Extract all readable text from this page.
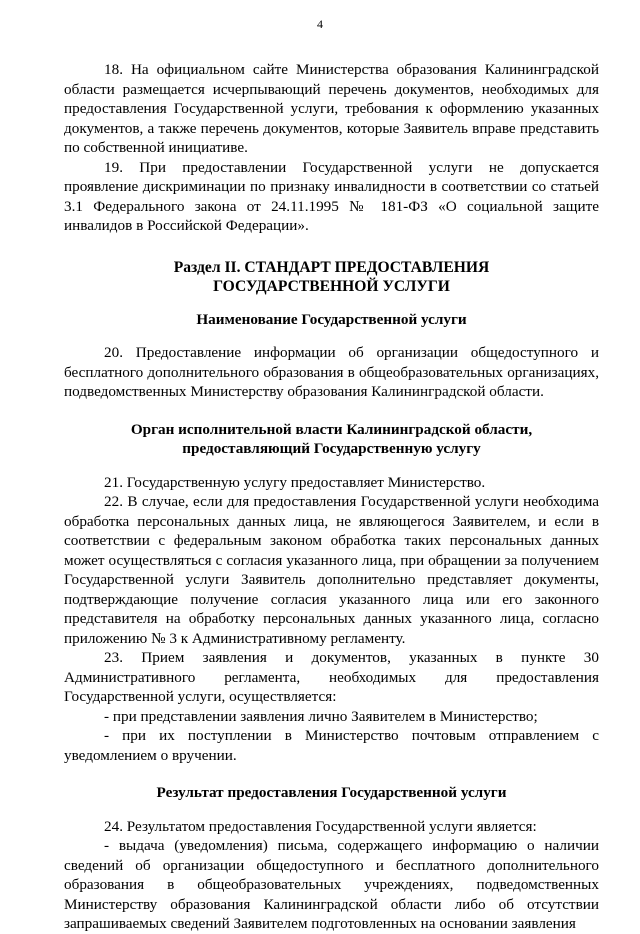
4

18. На официальном сайте Министерства образования Калининградской области размещается исчерпывающий перечень документов, необходимых для предоставления Государственной услуги, требования к оформлению указанных документов, а также перечень документов, которые Заявитель вправе представить по собственной инициативе.

19. При предоставлении Государственной услуги не допускается проявление дискриминации по признаку инвалидности в соответствии со статьей 3.1 Федерального закона от 24.11.1995 № 181-ФЗ «О социальной защите инвалидов в Российской Федерации».

Раздел II. СТАНДАРТ ПРЕДОСТАВЛЕНИЯ
ГОСУДАРСТВЕННОЙ УСЛУГИ
Наименование Государственной услуги

20. Предоставление информации об организации общедоступного и бесплатного дополнительного образования в общеобразовательных организациях, подведомственных Министерству образования Калининградской области.

Орган исполнительной власти Калининградской области,
предоставляющий Государственную услугу

21. Государственную услугу предоставляет Министерство.

22. В случае, если для предоставления Государственной услуги необходима обработка персональных данных лица, не являющегося Заявителем, и если в соответствии с федеральным законом обработка таких персональных данных может осуществляться с согласия указанного лица, при обращении за получением Государственной услуги Заявитель дополнительно представляет документы, подтверждающие получение согласия указанного лица или его законного представителя на обработку персональных данных указанного лица, согласно приложению № 3 к Административному регламенту.

23. Прием заявления и документов, указанных в пункте 30 Административного регламента, необходимых для предоставления Государственной услуги, осуществляется:

- при представлении заявления лично Заявителем в Министерство;

- при их поступлении в Министерство почтовым отправлением с уведомлением о вручении.

Результат предоставления Государственной услуги

24. Результатом предоставления Государственной услуги является:

- выдача (уведомления) письма, содержащего информацию о наличии сведений об организации общедоступного и бесплатного дополнительного образования в общеобразовательных учреждениях, подведомственных Министерству образования Калининградской области либо об отсутствии запрашиваемых сведений Заявителем подготовленных на основании заявления
